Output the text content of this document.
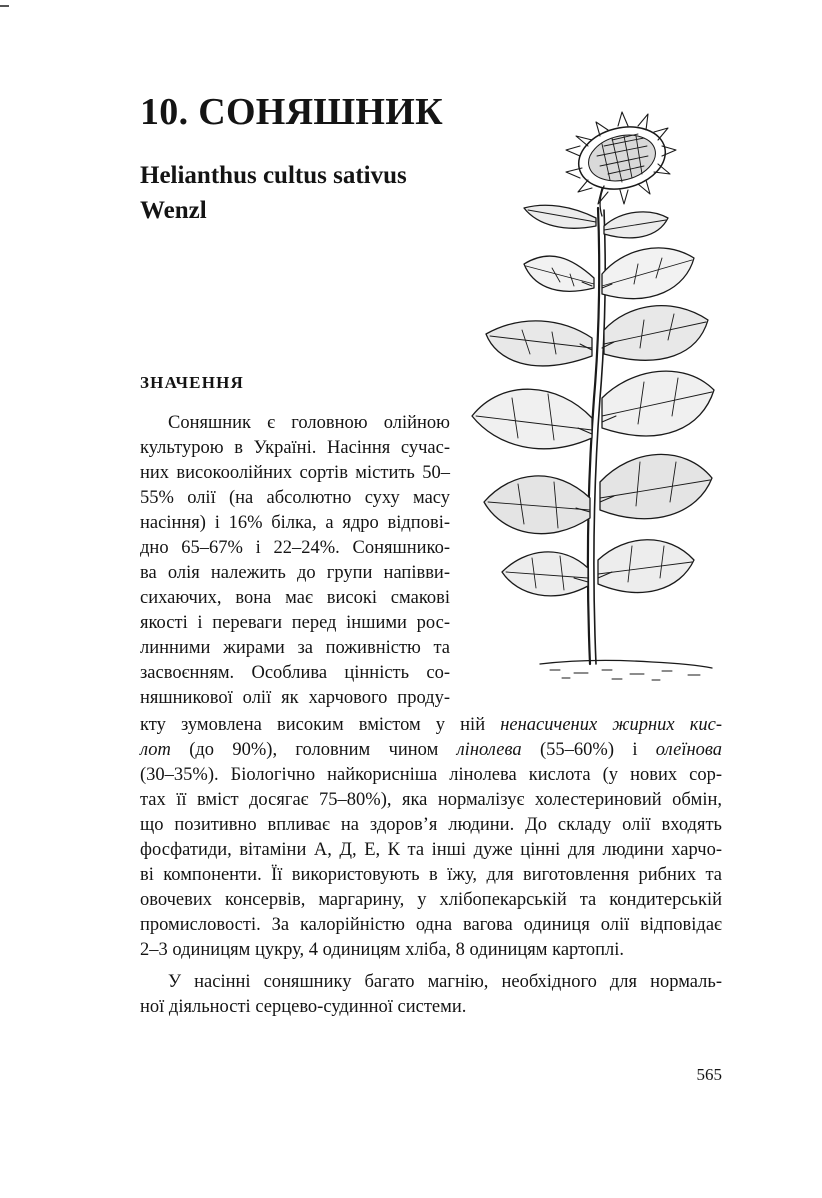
10. СОНЯШНИК
Helianthus cultus sativus
Wenzl
ЗНАЧЕННЯ

Соняшник є головною олійною

культурою в Україні. Насіння сучас-

них високоолійних сортів містить 50–

55% олії (на абсолютно суху масу

насіння) і 16% білка, а ядро відпові-

дно 65–67% і 22–24%. Соняшнико-

ва олія належить до групи напівви-

сихаючих, вона має високі смакові

якості і переваги перед іншими рос-

линними жирами за поживністю та

засвоєнням. Особлива цінність со-

няшникової олії як харчового проду-

кту зумовлена високим вмістом у ній ненасичених жирних кис-

лот (до 90%), головним чином лінолева (55–60%) і олеїнова

(30–35%). Біологічно найкорисніша лінолева кислота (у нових сор-

тах її вміст досягає 75–80%), яка нормалізує холестериновий обмін,

що позитивно впливає на здоров’я людини. До складу олії входять

фосфатиди, вітаміни А, Д, Е, К та інші дуже цінні для людини харчо-

ві компоненти. Її використовують в їжу, для виготовлення рибних та

овочевих консервів, маргарину, у хлібопекарській та кондитерській

промисловості. За калорійністю одна вагова одиниця олії відповідає

2–3 одиницям цукру, 4 одиницям хліба, 8 одиницям картоплі.

У насінні соняшнику багато магнію, необхідного для нормаль-

ної діяльності серцево-судинної системи.

565
